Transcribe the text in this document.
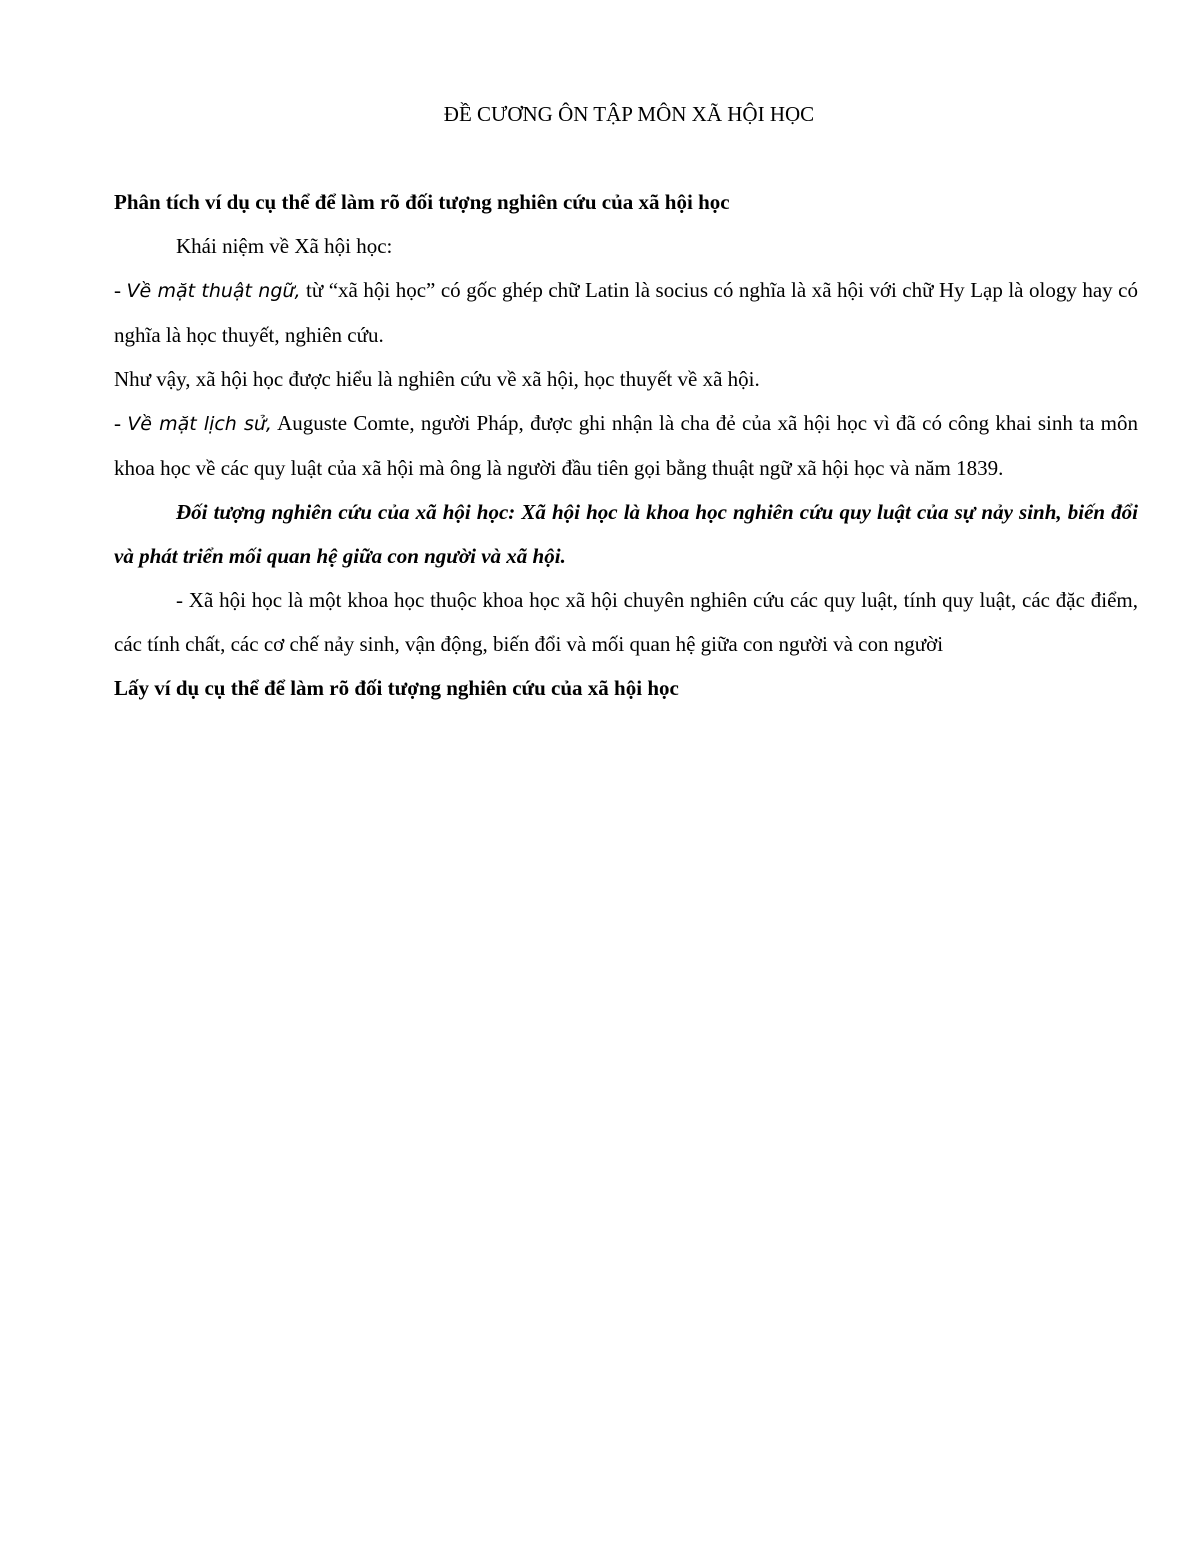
ĐỀ CƯƠNG ÔN TẬP MÔN XÃ HỘI HỌC

Phân tích ví dụ cụ thể để làm rõ đối tượng nghiên cứu của xã hội học

Khái niệm về Xã hội học:

- Về mặt thuật ngữ, từ “xã hội học” có gốc ghép chữ Latin là socius có nghĩa là xã hội với chữ Hy Lạp là ology hay có nghĩa là học thuyết, nghiên cứu.

Như vậy, xã hội học được hiểu là nghiên cứu về xã hội, học thuyết về xã hội.

- Về mặt lịch sử, Auguste Comte, người Pháp, được ghi nhận là cha đẻ của xã hội học vì đã có công khai sinh ta môn khoa học về các quy luật của xã hội mà ông là người đầu tiên gọi bằng thuật ngữ xã hội học và năm 1839.

Đối tượng nghiên cứu của xã hội học: Xã hội học là khoa học nghiên cứu quy luật của sự nảy sinh, biến đổi và phát triển mối quan hệ giữa con người và xã hội.

- Xã hội học là một khoa học thuộc khoa học xã hội chuyên nghiên cứu các quy luật, tính quy luật, các đặc điểm, các tính chất, các cơ chế nảy sinh, vận động, biến đổi và mối quan hệ giữa con người và con người

Lấy ví dụ cụ thể để làm rõ đối tượng nghiên cứu của xã hội học
